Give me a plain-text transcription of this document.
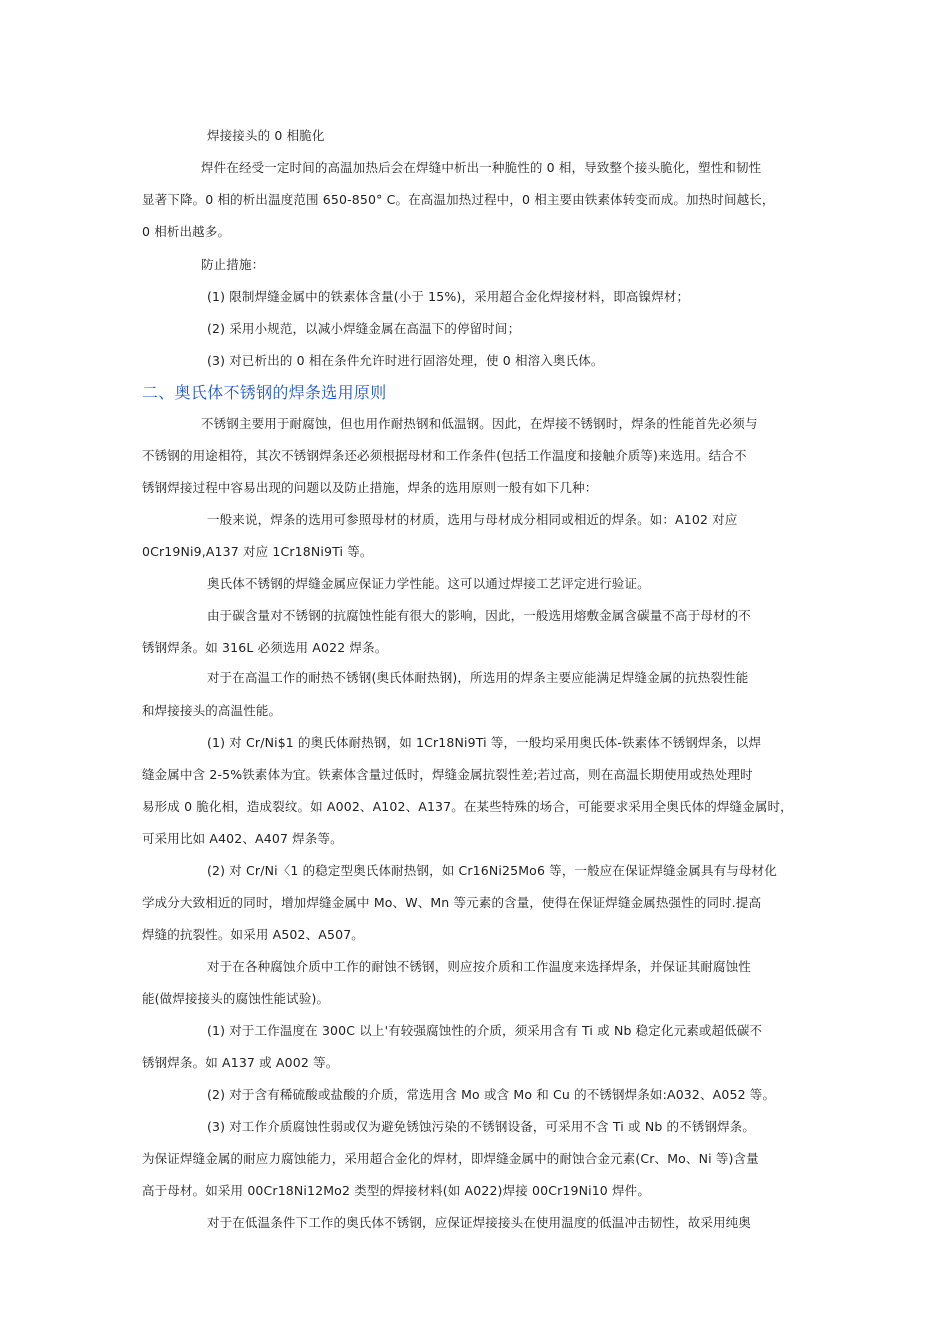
焊接接头的 0 相脆化
焊件在经受一定时间的高温加热后会在焊缝中析出一种脆性的 0 相，导致整个接头脆化，塑性和韧性
显著下降。0 相的析出温度范围 650-850° C。在高温加热过程中，0 相主要由铁素体转变而成。加热时间越长，
0 相析出越多。
防止措施：
(1) 限制焊缝金属中的铁素体含量(小于 15%)，采用超合金化焊接材料，即高镍焊材；
(2) 采用小规范，以减小焊缝金属在高温下的停留时间；
(3) 对已析出的 0 相在条件允许时进行固溶处理，使 0 相溶入奥氏体。
二、奥氏体不锈钢的焊条选用原则
不锈钢主要用于耐腐蚀，但也用作耐热钢和低温钢。因此，在焊接不锈钢时，焊条的性能首先必须与
不锈钢的用途相符，其次不锈钢焊条还必须根据母材和工作条件(包括工作温度和接触介质等)来选用。结合不
锈钢焊接过程中容易出现的问题以及防止措施，焊条的选用原则一般有如下几种：
一般来说，焊条的选用可参照母材的材质，选用与母材成分相同或相近的焊条。如：A102 对应
0Cr19Ni9,A137 对应 1Cr18Ni9Ti 等。
奥氏体不锈钢的焊缝金属应保证力学性能。这可以通过焊接工艺评定进行验证。
由于碳含量对不锈钢的抗腐蚀性能有很大的影响，因此，一般选用熔敷金属含碳量不高于母材的不
锈钢焊条。如 316L 必须选用 A022 焊条。
对于在高温工作的耐热不锈钢(奥氏体耐热钢)，所选用的焊条主要应能满足焊缝金属的抗热裂性能
和焊接接头的高温性能。
(1) 对 Cr/Ni$1 的奥氏体耐热钢，如 1Cr18Ni9Ti 等，一般均采用奥氏体-铁素体不锈钢焊条，以焊
缝金属中含 2-5%铁素体为宜。铁素体含量过低时，焊缝金属抗裂性差;若过高，则在高温长期使用或热处理时
易形成 0 脆化相，造成裂纹。如 A002、A102、A137。在某些特殊的场合，可能要求采用全奥氏体的焊缝金属时，
可采用比如 A402、A407 焊条等。
(2) 对 Cr/Ni〈1 的稳定型奥氏体耐热钢，如 Cr16Ni25Mo6 等，一般应在保证焊缝金属具有与母材化
学成分大致相近的同时，增加焊缝金属中 Mo、W、Mn 等元素的含量，使得在保证焊缝金属热强性的同时.提高
焊缝的抗裂性。如采用 A502、A507。
对于在各种腐蚀介质中工作的耐蚀不锈钢，则应按介质和工作温度来选择焊条，并保证其耐腐蚀性
能(做焊接接头的腐蚀性能试验)。
(1) 对于工作温度在 300C 以上'有较强腐蚀性的介质，须采用含有 Ti 或 Nb 稳定化元素或超低碳不
锈钢焊条。如 A137 或 A002 等。
(2) 对于含有稀硫酸或盐酸的介质，常选用含 Mo 或含 Mo 和 Cu 的不锈钢焊条如:A032、A052 等。
(3) 对工作介质腐蚀性弱或仅为避免锈蚀污染的不锈钢设备，可采用不含 Ti 或 Nb 的不锈钢焊条。
为保证焊缝金属的耐应力腐蚀能力，采用超合金化的焊材，即焊缝金属中的耐蚀合金元素(Cr、Mo、Ni 等)含量
高于母材。如采用 00Cr18Ni12Mo2 类型的焊接材料(如 A022)焊接 00Cr19Ni10 焊件。
对于在低温条件下工作的奥氏体不锈钢，应保证焊接接头在使用温度的低温冲击韧性，故采用纯奥
